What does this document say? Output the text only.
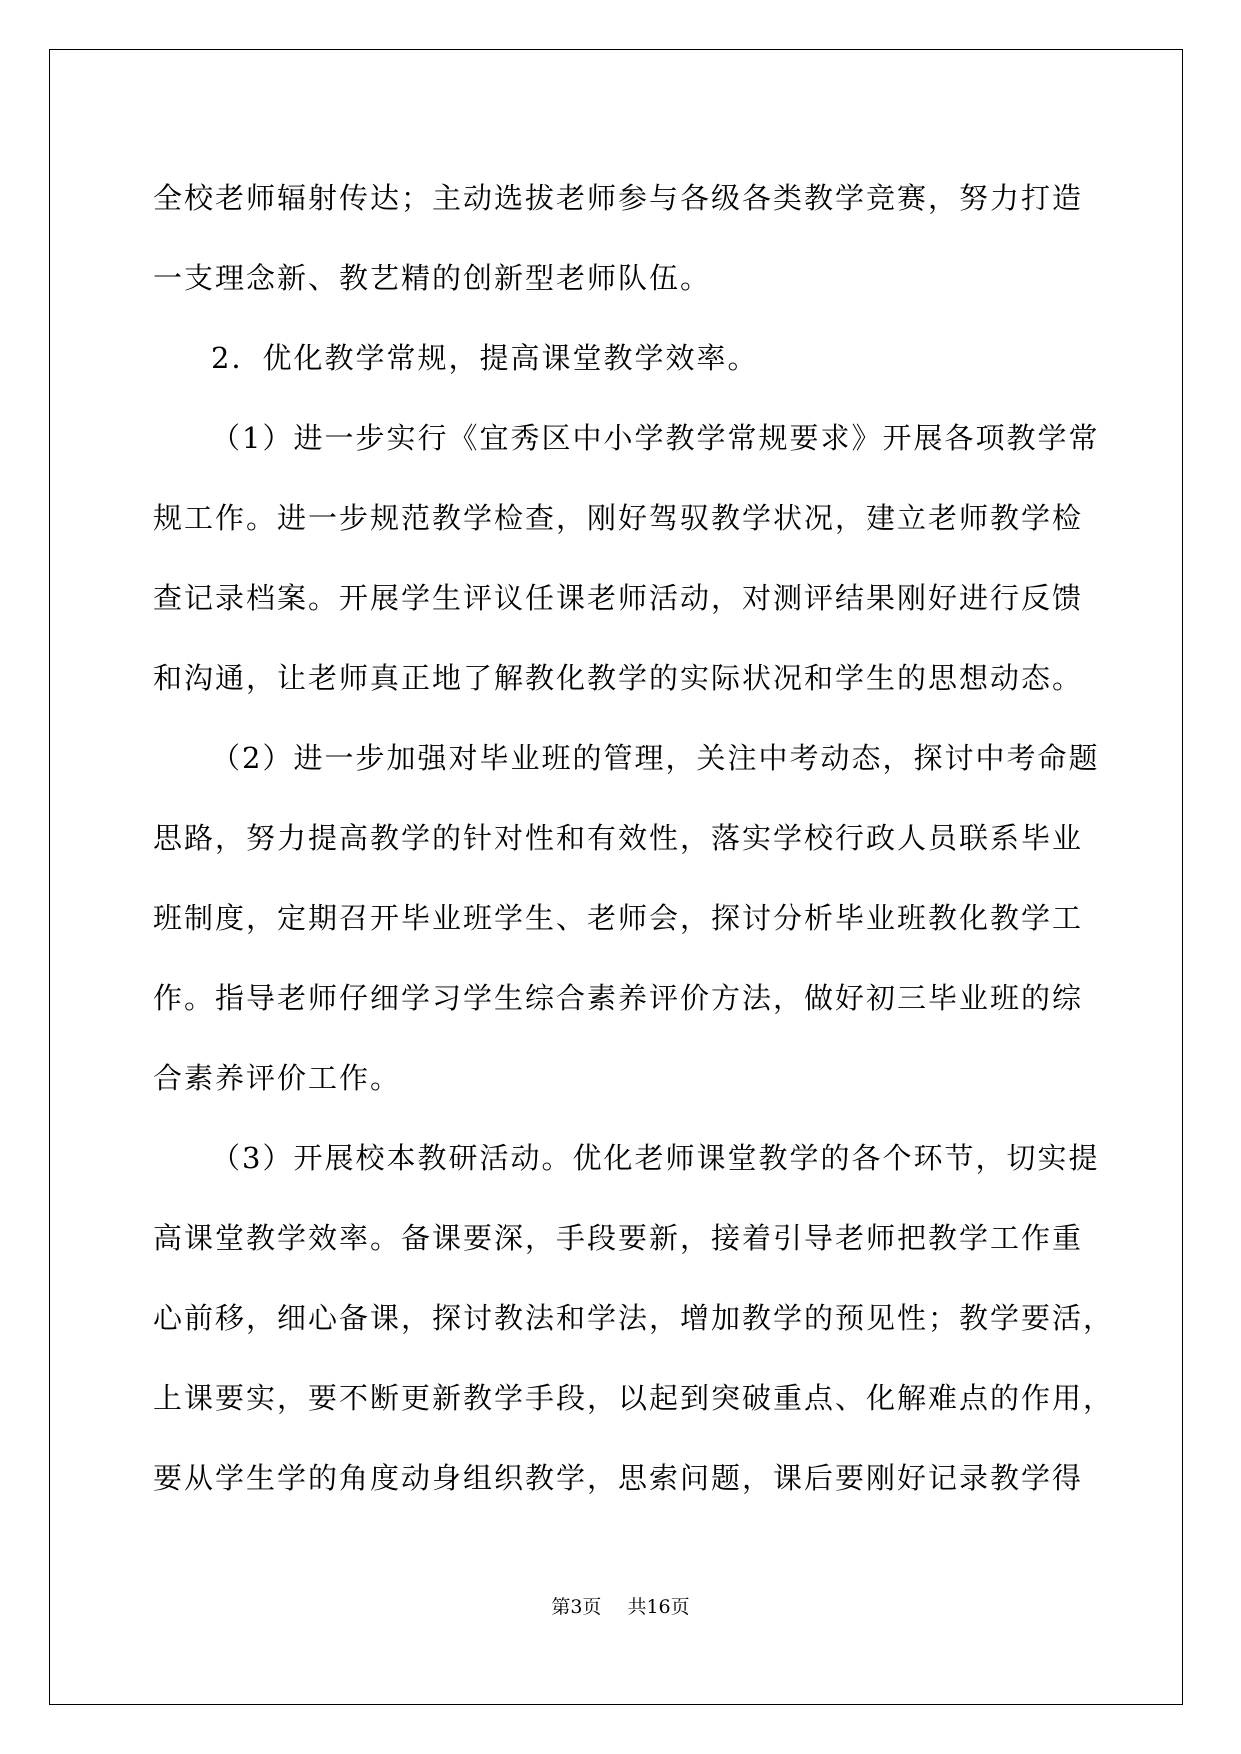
全校老师辐射传达；主动选拔老师参与各级各类教学竞赛，努力打造
一支理念新、教艺精的创新型老师队伍。
2．优化教学常规，提高课堂教学效率。
（1）进一步实行《宜秀区中小学教学常规要求》开展各项教学常
规工作。进一步规范教学检查，刚好驾驭教学状况，建立老师教学检
查记录档案。开展学生评议任课老师活动，对测评结果刚好进行反馈
和沟通，让老师真正地了解教化教学的实际状况和学生的思想动态。
（2）进一步加强对毕业班的管理，关注中考动态，探讨中考命题
思路，努力提高教学的针对性和有效性，落实学校行政人员联系毕业
班制度，定期召开毕业班学生、老师会，探讨分析毕业班教化教学工
作。指导老师仔细学习学生综合素养评价方法，做好初三毕业班的综
合素养评价工作。
（3）开展校本教研活动。优化老师课堂教学的各个环节，切实提
高课堂教学效率。备课要深，手段要新，接着引导老师把教学工作重
心前移，细心备课，探讨教法和学法，增加教学的预见性；教学要活，
上课要实，要不断更新教学手段，以起到突破重点、化解难点的作用，
要从学生学的角度动身组织教学，思索问题，课后要刚好记录教学得
第3页 共16页
